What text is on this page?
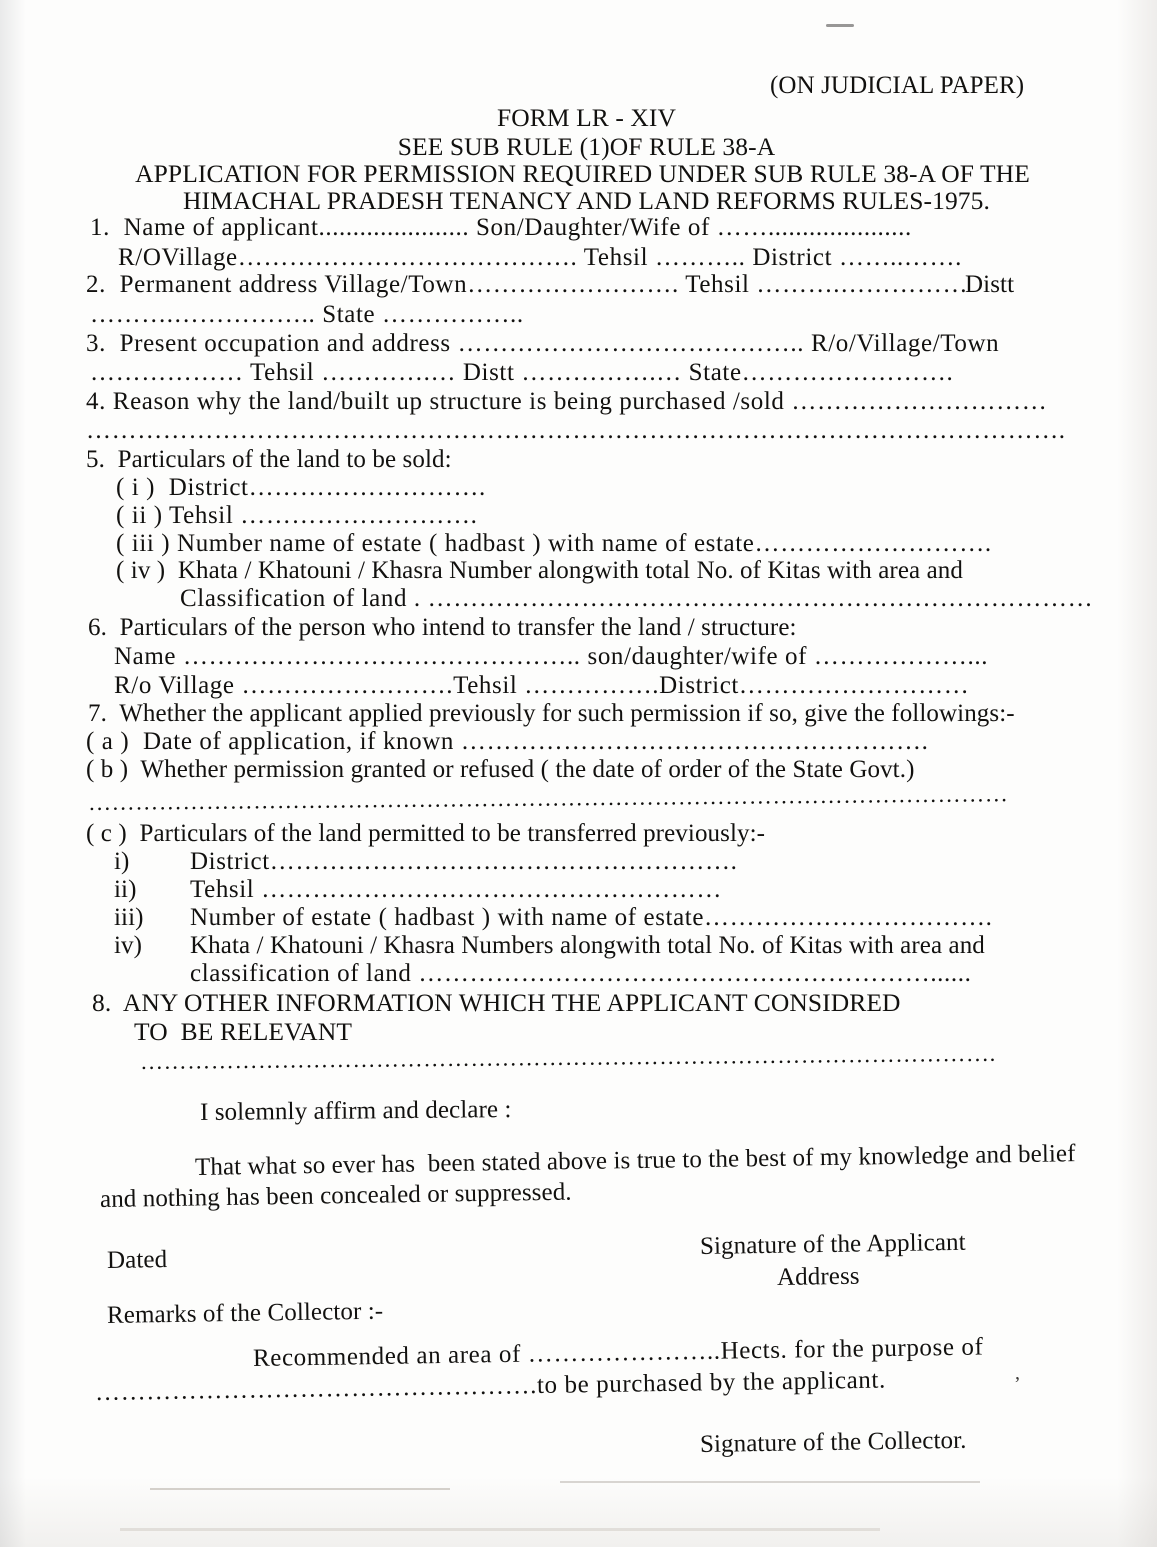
(ON JUDICIAL PAPER)
FORM LR - XIV
SEE SUB RULE (1)OF RULE 38-A
APPLICATION FOR PERMISSION REQUIRED UNDER SUB RULE 38-A OF THE
HIMACHAL PRADESH TENANCY AND LAND REFORMS RULES-1975.
1.  Name of applicant...................... Son/Daughter/Wife of …….....................
R/OVillage…………………………………. Tehsil ……….. District ……..…….
2.  Permanent address Village/Town……………………. Tehsil ……….……………
Distt
……….…………….. State ……………..
3.  Present occupation and address ………………………………….. R/o/Village/Town
……………… Tehsil ………….… Distt …………….… State…………………….
4. Reason why the land/built up structure is being purchased /sold …………………………
…………………………………………………………………………………………………….
5.  Particulars of the land to be sold:
( i )  District……………………….
( ii ) Tehsil ……………………….
( iii ) Number name of estate ( hadbast ) with name of estate……………………….
( iv )  Khata / Khatouni / Khasra Number alongwith total No. of Kitas with area and
Classification of land . ……………………………………………………………………
6.  Particulars of the person who intend to transfer the land / structure:
Name ……………………………………….. son/daughter/wife of ………………...
R/o Village …………………….Tehsil …………….District………………………
7.  Whether the applicant applied previously for such permission if so, give the followings:-
( a )  Date of application, if known ……………………………………………….
( b )  Whether permission granted or refused ( the date of order of the State Govt.)
………………………………………………………………………………………………………
( c )  Particulars of the land permitted to be transferred previously:-
i) District……………………………………………….
ii) Tehsil ………………………………………………
iii) Number of estate ( hadbast ) with name of estate…………………………….
iv) Khata / Khatouni / Khasra Numbers alongwith total No. of Kitas with area and
classification of land ……………………………………………………......
8.  ANY OTHER INFORMATION WHICH THE APPLICANT CONSIDRED
TO  BE RELEVANT
……………………………………………………………………………………………….
I solemnly affirm and declare :
That what so ever has  been stated above is true to the best of my knowledge and belief
and nothing has been concealed or suppressed.
Dated
Signature of the Applicant
Address
Remarks of the Collector :-
Recommended an area of …………………..Hects. for the purpose of
…………………………………………….to be purchased by the applicant.
Signature of the Collector.
,
